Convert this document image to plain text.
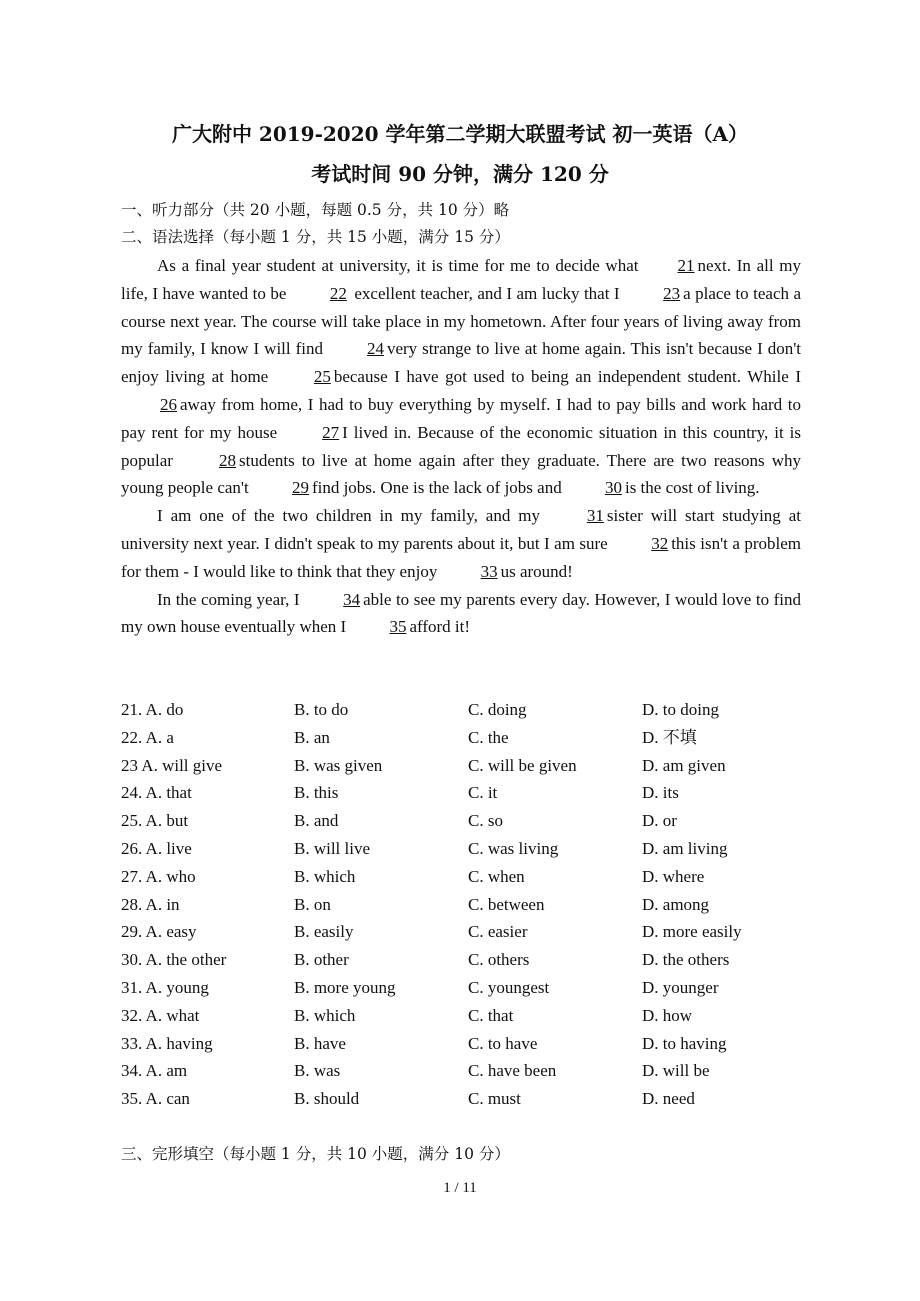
广大附中 2019-2020 学年第二学期大联盟考试 初一英语（A）
考试时间 90 分钟，满分 120 分
一、听力部分（共 20 小题，每题 0.5 分，共 10 分）略
二、语法选择（每小题 1 分，共 15 小题，满分 15 分）

As a final year student at university, it is time for me to decide what 21 next. In all my life, I have wanted to be	22 excellent teacher, and I am lucky that I	23 a place to teach a course next year. The course will take place in my hometown. After four years of living away from my family, I know I will find	24 very strange to live at home again. This isn't because I don't enjoy living at home	25 because I have got used to being an independent student. While I 26 away from home, I had to buy everything by myself. I had to pay bills and work hard to pay rent for my house	27 I lived in. Because of the economic situation in this country, it is popular	28 students to live at home again after they graduate. There are two reasons why young people can't	29 find jobs. One is the lack of jobs and	30 is the cost of living.

I am one of the two children in my family, and my	31 sister will start studying at university next year. I didn't speak to my parents about it, but I am sure	32 this isn't a problem for them - I would like to think that they enjoy	33 us around!

In the coming year, I	34 able to see my parents every day. However, I would love to find my own house eventually when I	35 afford it!

21. A. do	B. to do	C. doing	D. to doing
22. A. a	B. an	C. the	D. 不填
23 A. will give	B. was given	C. will be given	D. am given
24. A. that	B. this	C. it	D. its
25. A. but	B. and	C. so	D. or
26. A. live	B. will live	C. was living	D. am living
27. A. who	B. which	C. when	D. where
28. A. in	B. on	C. between	D. among
29. A. easy	B. easily	C. easier	D. more easily
30. A. the other	B. other	C. others	D. the others
31. A. young	B. more young	C. youngest	D. younger
32. A. what	B. which	C. that	D. how
33. A. having	B. have	C. to have	D. to having
34. A. am	B. was	C. have been	D. will be
35. A. can	B. should	C. must	D. need
三、完形填空（每小题 1 分，共 10 小题，满分 10 分）
1 / 11
